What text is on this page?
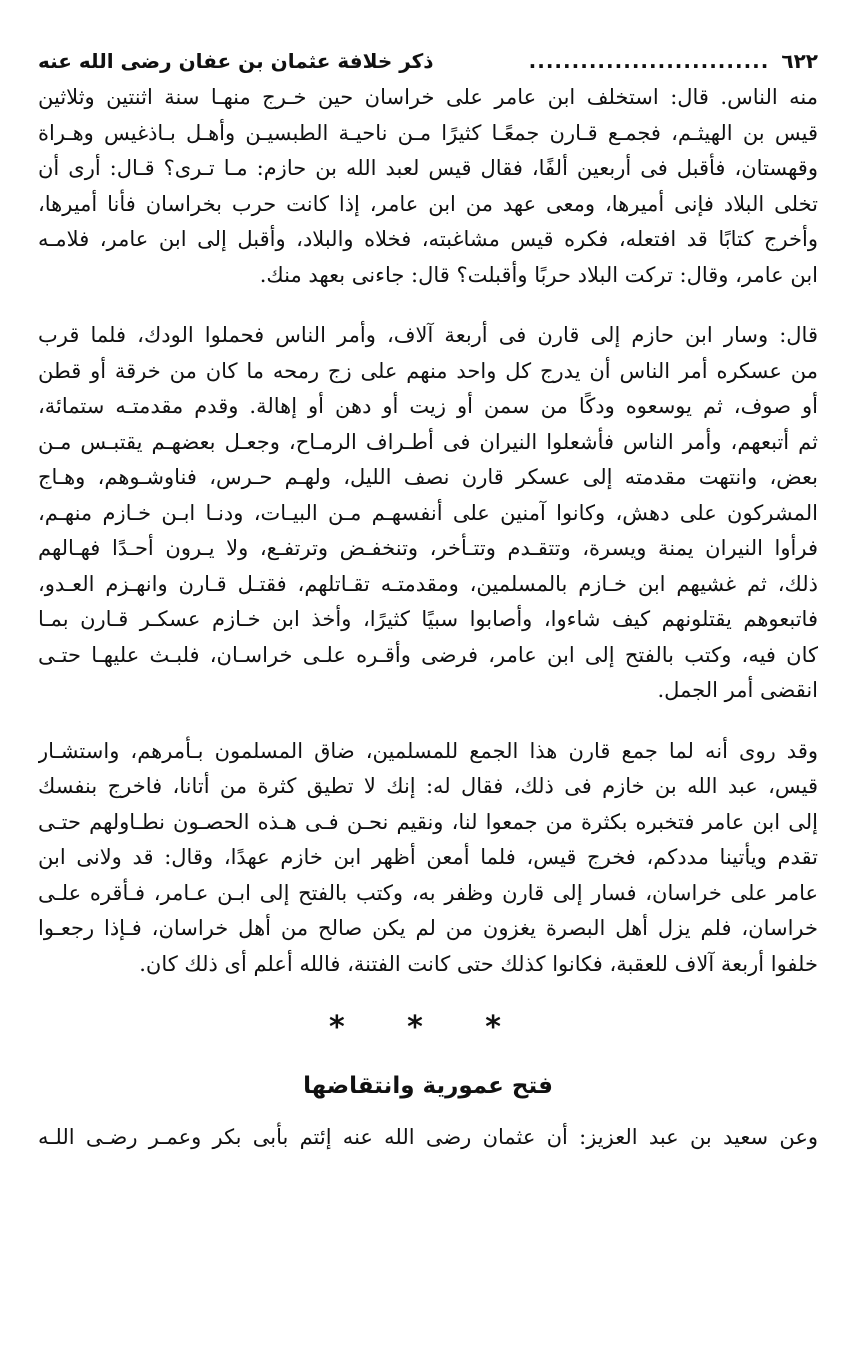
٦٢٢
............................
ذكر خلافة عثمان بن عفان رضى الله عنه
منه الناس. قال: استخلف ابن عامر على خراسان حين خـرج منهـا سنة اثنتين وثلاثين
قيس بن الهيثـم، فجمـع قـارن جمعًـا كثيرًا مـن ناحيـة الطبسيـن وأهـل بـاذغيس وهـراة
وقهستان، فأقبل فى أربعين ألفًا، فقال قيس لعبد الله بن حازم: مـا تـرى؟ قـال: أرى أن
تخلى البلاد فإنى أميرها، ومعى عهد من ابن عامر، إذا كانت حرب بخراسان فأنا أميرها،
وأخرج كتابًا قد افتعله، فكره قيس مشاغبته، فخلاه والبلاد، وأقبل إلى ابن عامر، فلامـه
ابن عامر، وقال: تركت البلاد حربًا وأقبلت؟ قال: جاءنى بعهد منك.
قال: وسار ابن حازم إلى قارن فى أربعة آلاف، وأمر الناس فحملوا الودك، فلما قرب
من عسكره أمر الناس أن يدرج كل واحد منهم على زج رمحه ما كان من خرقة أو قطن
أو صوف، ثم يوسعوه ودكًا من سمن أو زيت أو دهن أو إهالة. وقدم مقدمتـه ستمائة،
ثم أتبعهم، وأمر الناس فأشعلوا النيران فى أطـراف الرمـاح، وجعـل بعضهـم يقتبـس مـن
بعض، وانتهت مقدمته إلى عسكر قارن نصف الليل، ولهـم حـرس، فناوشـوهم، وهـاج
المشركون على دهش، وكانوا آمنين على أنفسهـم مـن البيـات، ودنـا ابـن خـازم منهـم،
فرأوا النيران يمنة ويسرة، وتتقـدم وتتـأخر، وتنخفـض وترتفـع، ولا يـرون أحـدًا فهـالهم
ذلك، ثم غشيهم ابن خـازم بالمسلمين، ومقدمتـه تقـاتلهم، فقتـل قـارن وانهـزم العـدو،
فاتبعوهم يقتلونهم كيف شاءوا، وأصابوا سبيًا كثيرًا، وأخذ ابن خـازم عسكـر قـارن بمـا
كان فيه، وكتب بالفتح إلى ابن عامر، فرضى وأقـره علـى خراسـان، فلبـث عليهـا حتـى
انقضى أمر الجمل.
وقد روى أنه لما جمع قارن هذا الجمع للمسلمين، ضاق المسلمون بـأمرهم، واستشـار
قيس، عبد الله بن خازم فى ذلك، فقال له: إنك لا تطيق كثرة من أتانا، فاخرج بنفسك
إلى ابن عامر فتخبره بكثرة من جمعوا لنا، ونقيم نحـن فـى هـذه الحصـون نطـاولهم حتـى
تقدم ويأتينا مددكم، فخرج قيس، فلما أمعن أظهر ابن خازم عهدًا، وقال: قد ولانى ابن
عامر على خراسان، فسار إلى قارن وظفر به، وكتب بالفتح إلى ابـن عـامر، فـأقره علـى
خراسان، فلم يزل أهل البصرة يغزون من لم يكن صالح من أهل خراسان، فـإذا رجعـوا
خلفوا أربعة آلاف للعقبة، فكانوا كذلك حتى كانت الفتنة، فالله أعلم أى ذلك كان.
* * *
فتح عمورية وانتقاضها
وعن سعيد بن عبد العزيز: أن عثمان رضى الله عنه إئتم بأبى بكر وعمـر رضـى اللـه
